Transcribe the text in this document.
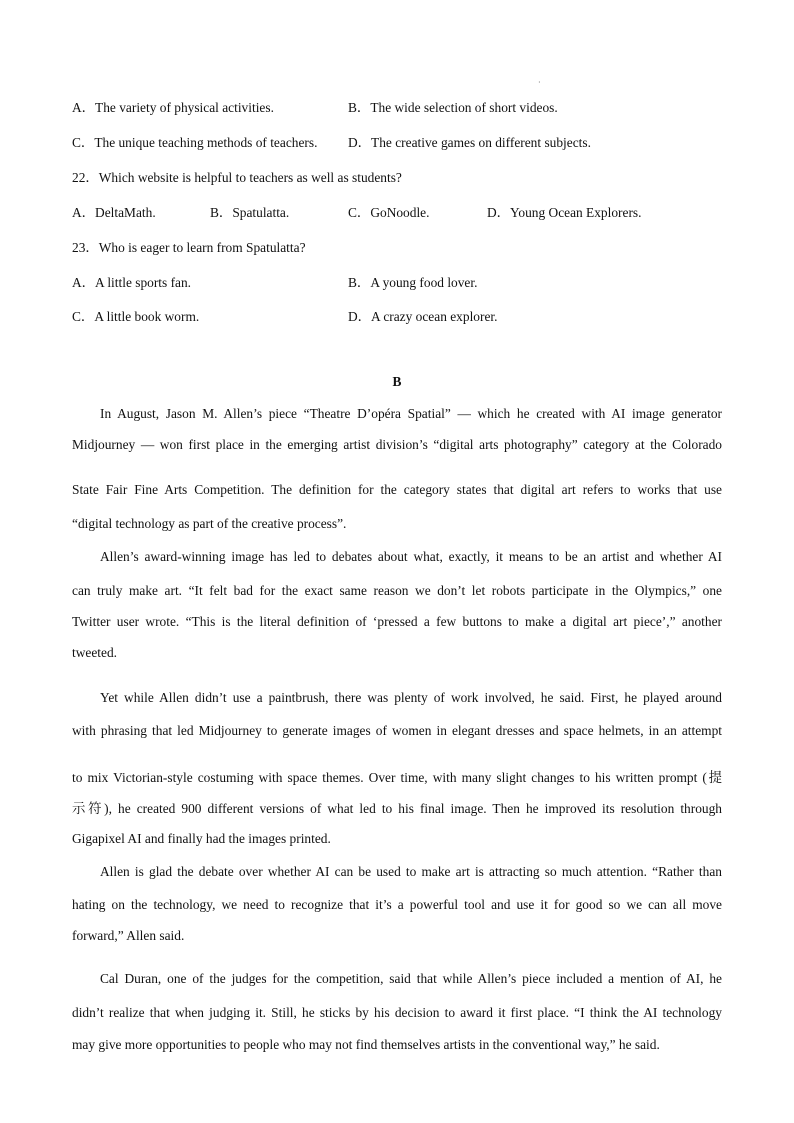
·
A．The variety of physical activities.	B．The wide selection of short videos.
C．The unique teaching methods of teachers. D．The creative games on different subjects.
22．Which website is helpful to teachers as well as students?
A．DeltaMath.	B．Spatulatta.	C．GoNoodle.	D．Young Ocean Explorers.
23．Who is eager to learn from Spatulatta?
A．A little sports fan.	B．A young food lover.
C．A little book worm.	D．A crazy ocean explorer.
B
In August, Jason M. Allen’s piece “Theatre D’opéra Spatial” — which he created with AI image generator
Midjourney — won first place in the emerging artist division’s “digital arts photography” category at the Colorado
State Fair Fine Arts Competition. The definition for the category states that digital art refers to works that use
“digital technology as part of the creative process”.
Allen’s award-winning image has led to debates about what, exactly, it means to be an artist and whether AI
can truly make art. “It felt bad for the exact same reason we don’t let robots participate in the Olympics,” one
Twitter user wrote. “This is the literal definition of ‘pressed a few buttons to make a digital art piece’,” another
tweeted.
Yet while Allen didn’t use a paintbrush, there was plenty of work involved, he said. First, he played around
with phrasing that led Midjourney to generate images of women in elegant dresses and space helmets, in an attempt
to mix Victorian-style costuming with space themes. Over time, with many slight changes to his written prompt (提
示符), he created 900 different versions of what led to his final image. Then he improved its resolution through
Gigapixel AI and finally had the images printed.
Allen is glad the debate over whether AI can be used to make art is attracting so much attention. “Rather than
hating on the technology, we need to recognize that it’s a powerful tool and use it for good so we can all move
forward,” Allen said.
Cal Duran, one of the judges for the competition, said that while Allen’s piece included a mention of AI, he
didn’t realize that when judging it. Still, he sticks by his decision to award it first place. “I think the AI technology
may give more opportunities to people who may not find themselves artists in the conventional way,” he said.
